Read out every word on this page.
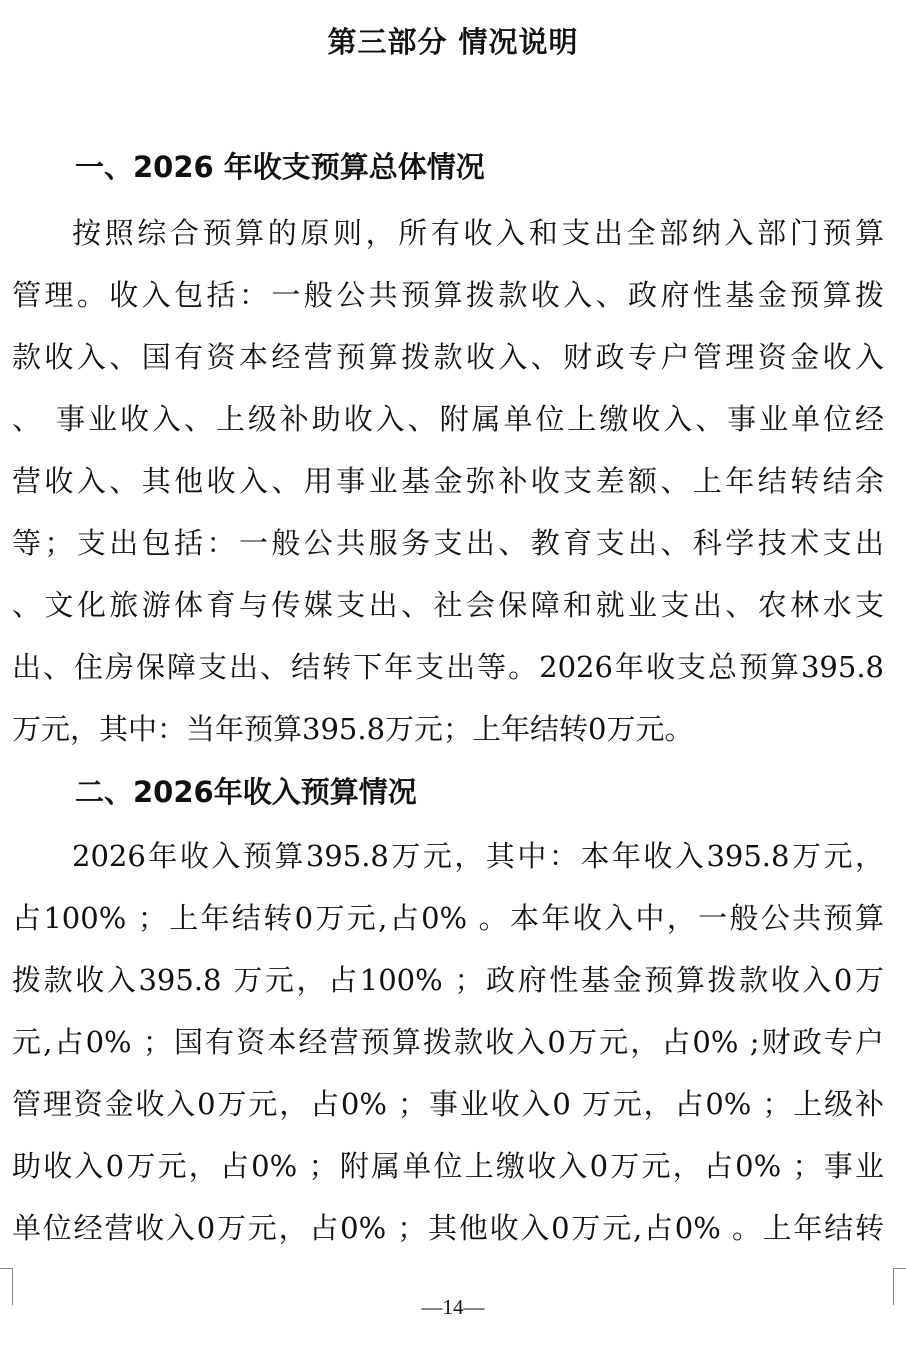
第三部分 情况说明
一、2026 年收支预算总体情况
按照综合预算的原则，所有收入和支出全部纳入部门预算
管理。收入包括：一般公共预算拨款收入、政府性基金预算拨
款收入、国有资本经营预算拨款收入、财政专户管理资金收入
、 事业收入、上级补助收入、附属单位上缴收入、事业单位经
营收入、其他收入、用事业基金弥补收支差额、上年结转结余
等；支出包括：一般公共服务支出、教育支出、科学技术支出
、文化旅游体育与传媒支出、社会保障和就业支出、农林水支
出、住房保障支出、结转下年支出等。2026年收支总预算395.8
万元，其中：当年预算395.8万元；上年结转0万元。
二、2026年收入预算情况
2026年收入预算395.8万元，其中：本年收入395.8万元，
占100% ；上年结转0万元,占0% 。本年收入中，一般公共预算
拨款收入395.8 万元，占100% ；政府性基金预算拨款收入0万
元,占0% ；国有资本经营预算拨款收入0万元，占0% ;财政专户
管理资金收入0万元，占0% ；事业收入0 万元，占0% ；上级补
助收入0万元，占0% ；附属单位上缴收入0万元，占0% ；事业
单位经营收入0万元，占0% ；其他收入0万元,占0% 。上年结转
—14—
